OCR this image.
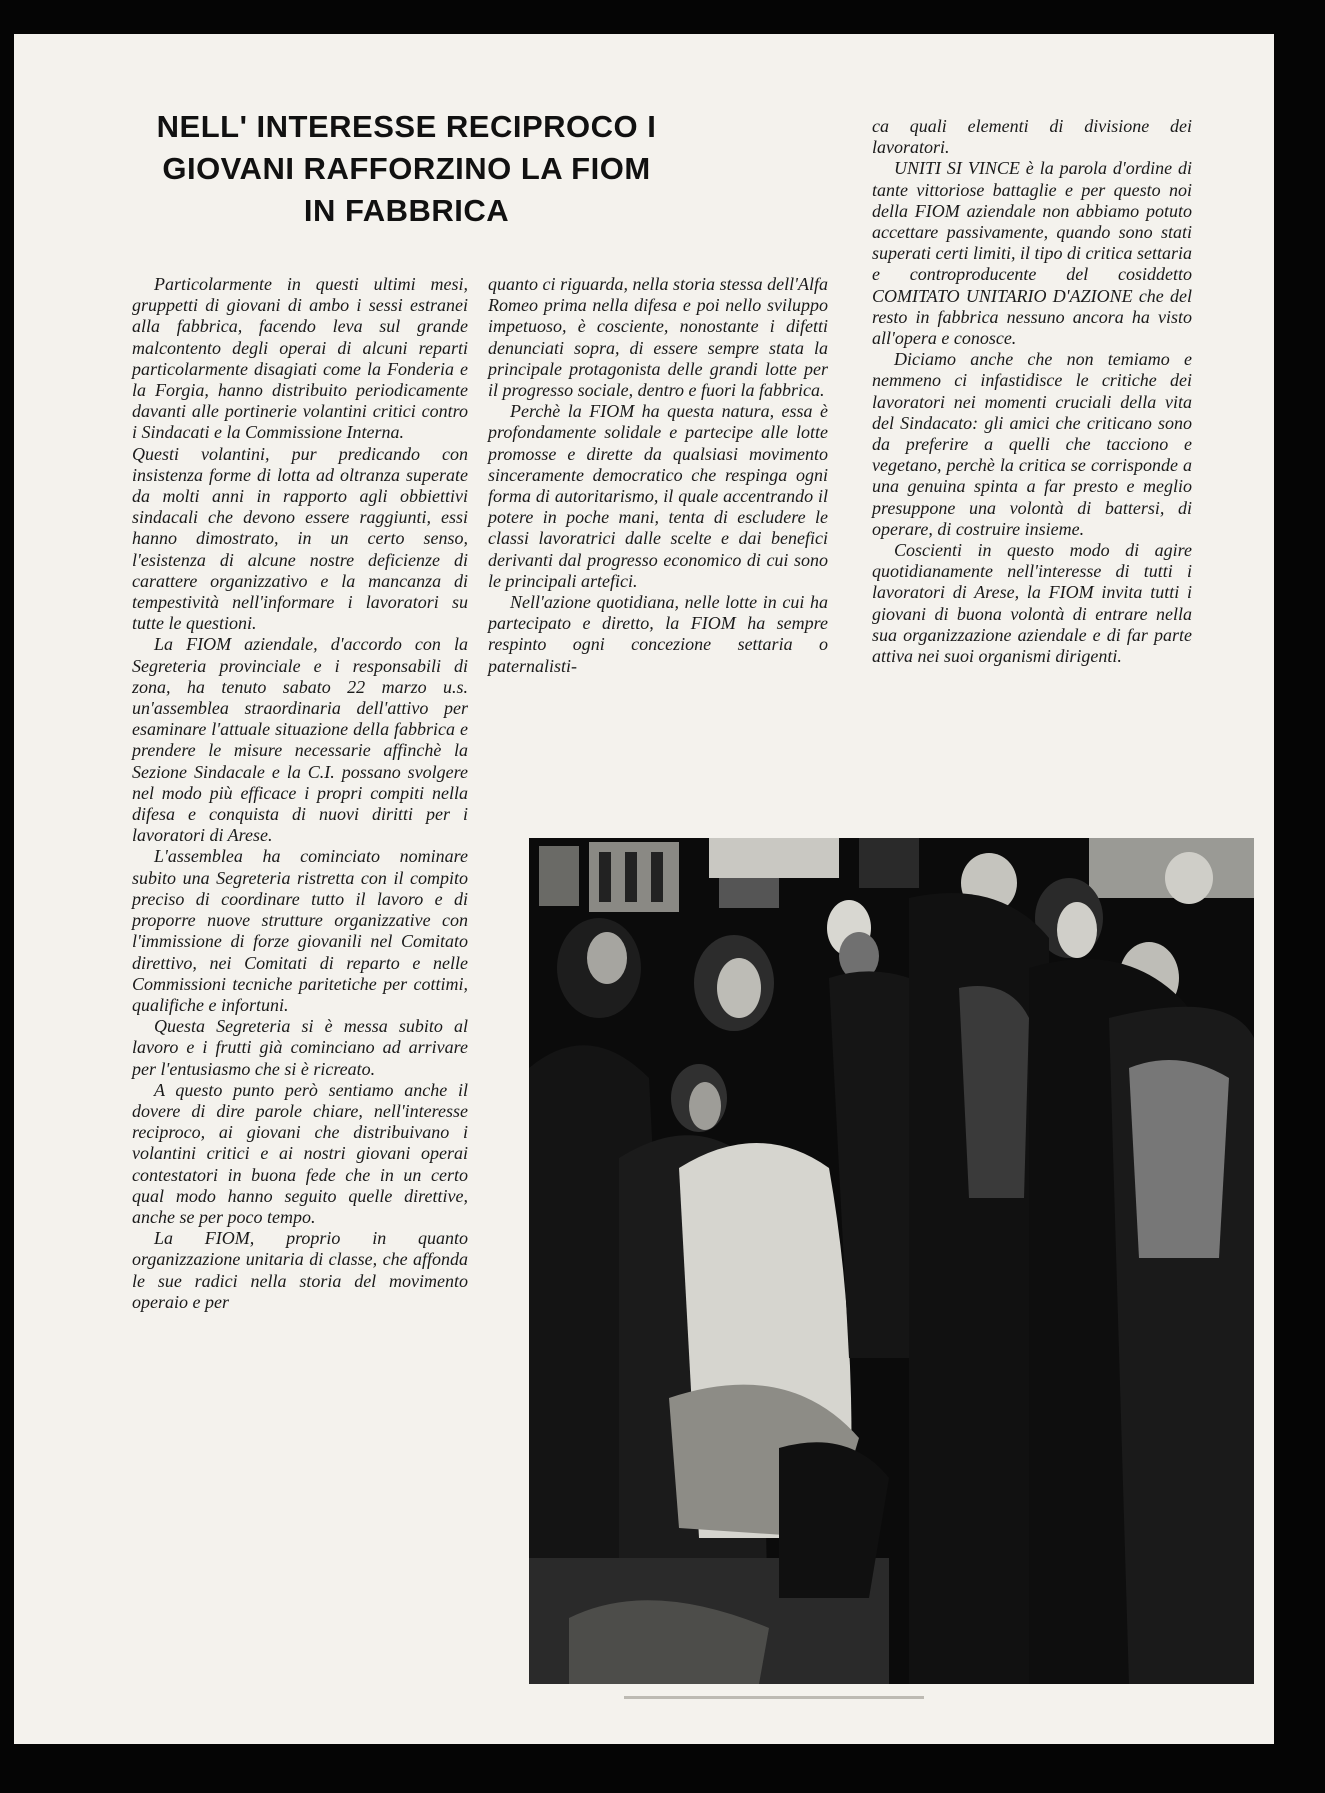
NELL' INTERESSE RECIPROCO I
GIOVANI RAFFORZINO LA FIOM
IN FABBRICA

Particolarmente in questi ultimi mesi, gruppetti di giovani di ambo i sessi estranei alla fabbrica, facendo leva sul grande malcontento degli operai di alcuni reparti particolarmente disagiati come la Fonderia e la Forgia, hanno distribuito periodicamente davanti alle portinerie volantini critici contro i Sindacati e la Commissione Interna.

Questi volantini, pur predicando con insistenza forme di lotta ad oltranza superate da molti anni in rapporto agli obbiettivi sindacali che devono essere raggiunti, essi hanno dimostrato, in un certo senso, l'esistenza di alcune nostre deficienze di carattere organizzativo e la mancanza di tempestività nell'informare i lavoratori su tutte le questioni.

La FIOM aziendale, d'accordo con la Segreteria provinciale e i responsabili di zona, ha tenuto sabato 22 marzo u.s. un'assemblea straordinaria dell'attivo per esaminare l'attuale situazione della fabbrica e prendere le misure necessarie affinchè la Sezione Sindacale e la C.I. possano svolgere nel modo più efficace i propri compiti nella difesa e conquista di nuovi diritti per i lavoratori di Arese.

L'assemblea ha cominciato nominare subito una Segreteria ristretta con il compito preciso di coordinare tutto il lavoro e di proporre nuove strutture organizzative con l'immissione di forze giovanili nel Comitato direttivo, nei Comitati di reparto e nelle Commissioni tecniche paritetiche per cottimi, qualifiche e infortuni.

Questa Segreteria si è messa subito al lavoro e i frutti già cominciano ad arrivare per l'entusiasmo che si è ricreato.

A questo punto però sentiamo anche il dovere di dire parole chiare, nell'interesse reciproco, ai giovani che distribuivano i volantini critici e ai nostri giovani operai contestatori in buona fede che in un certo qual modo hanno seguito quelle direttive, anche se per poco tempo.

La FIOM, proprio in quanto organizzazione unitaria di classe, che affonda le sue radici nella storia del movimento operaio e per

quanto ci riguarda, nella storia stessa dell'Alfa Romeo prima nella difesa e poi nello sviluppo impetuoso, è cosciente, nonostante i difetti denunciati sopra, di essere sempre stata la principale protagonista delle grandi lotte per il progresso sociale, dentro e fuori la fabbrica.

Perchè la FIOM ha questa natura, essa è profondamente solidale e partecipe alle lotte promosse e dirette da qualsiasi movimento sinceramente democratico che respinga ogni forma di autoritarismo, il quale accentrando il potere in poche mani, tenta di escludere le classi lavoratrici dalle scelte e dai benefici derivanti dal progresso economico di cui sono le principali artefici.

Nell'azione quotidiana, nelle lotte in cui ha partecipato e diretto, la FIOM ha sempre respinto ogni concezione settaria o paternalisti-

ca quali elementi di divisione dei lavoratori.

UNITI SI VINCE è la parola d'ordine di tante vittoriose battaglie e per questo noi della FIOM aziendale non abbiamo potuto accettare passivamente, quando sono stati superati certi limiti, il tipo di critica settaria e controproducente del cosiddetto COMITATO UNITARIO D'AZIONE che del resto in fabbrica nessuno ancora ha visto all'opera e conosce.

Diciamo anche che non temiamo e nemmeno ci infastidisce le critiche dei lavoratori nei momenti cruciali della vita del Sindacato: gli amici che criticano sono da preferire a quelli che tacciono e vegetano, perchè la critica se corrisponde a una genuina spinta a far presto e meglio presuppone una volontà di battersi, di operare, di costruire insieme.

Coscienti in questo modo di agire quotidianamente nell'interesse di tutti i lavoratori di Arese, la FIOM invita tutti i giovani di buona volontà di entrare nella sua organizzazione aziendale e di far parte attiva nei suoi organismi dirigenti.
